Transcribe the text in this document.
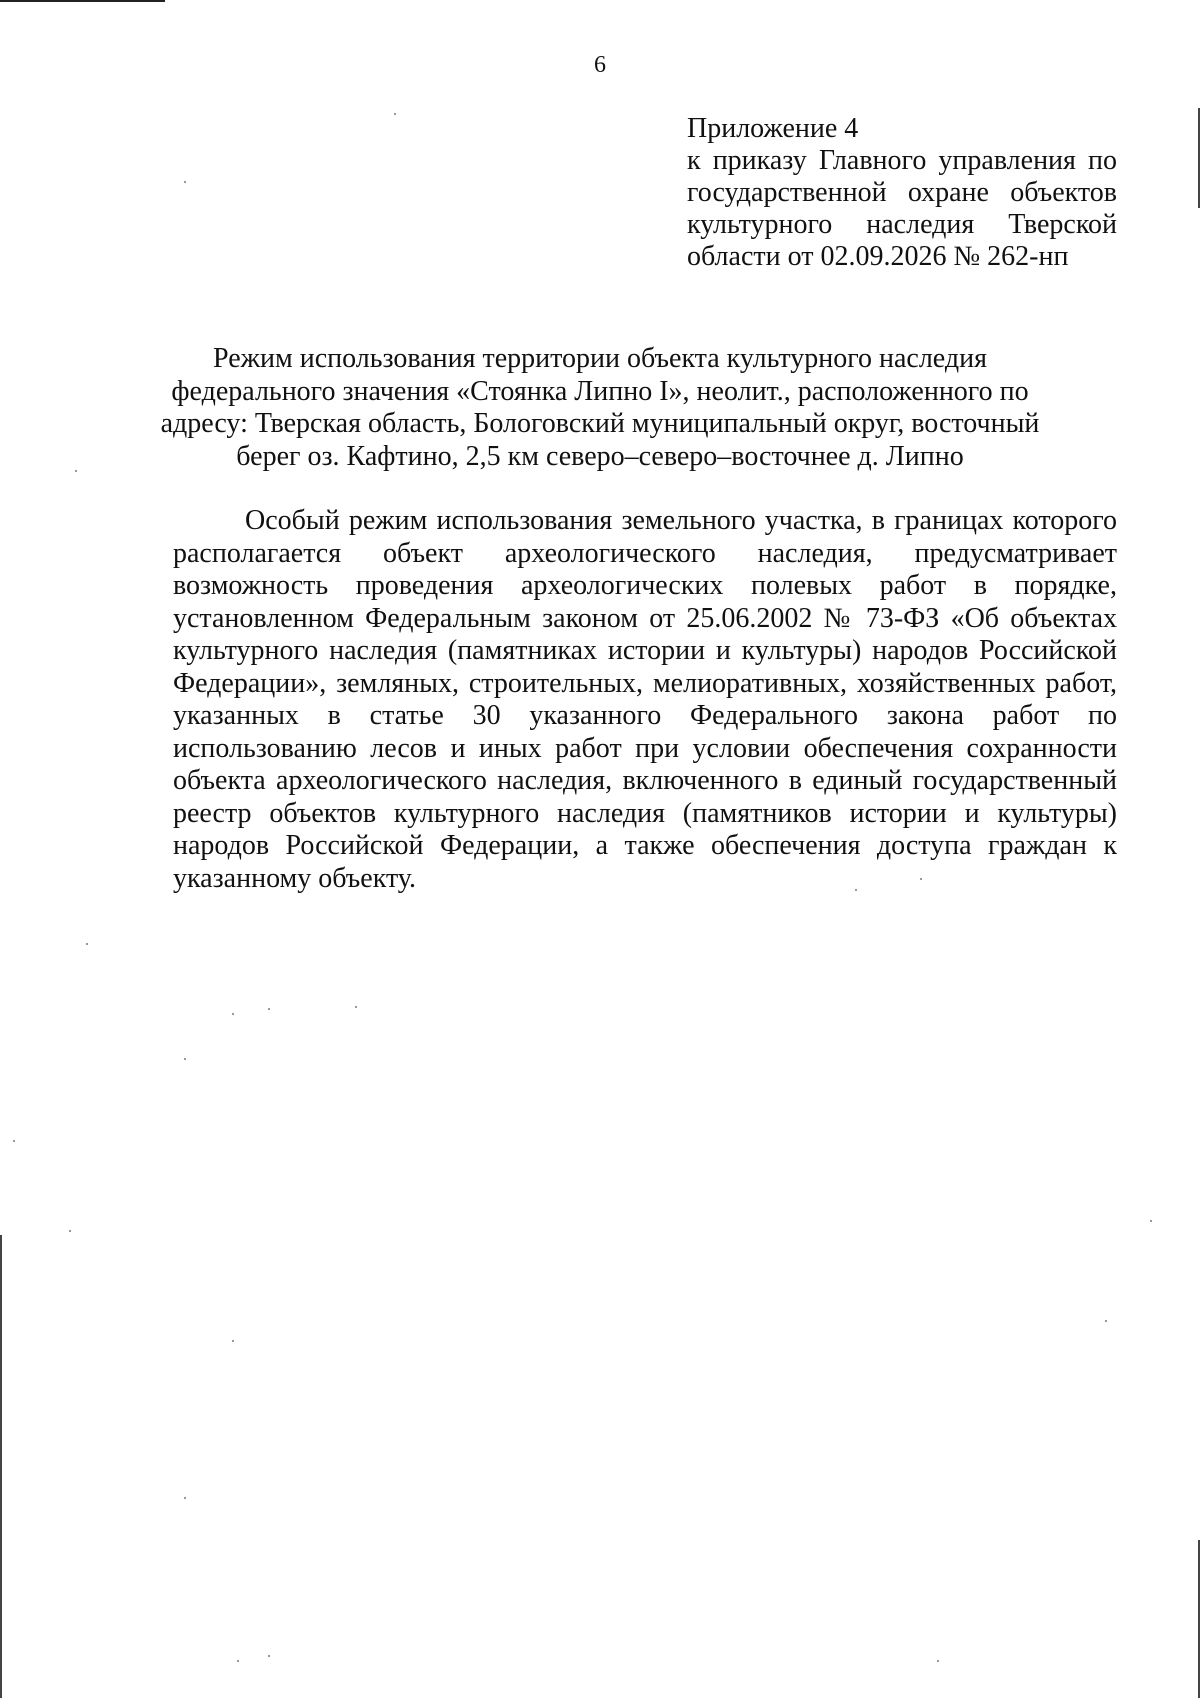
6
Приложение 4
к приказу Главного управления по
государственной охране объектов
культурного наследия Тверской
области от 02.09.2026 № 262-нп
Режим использования территории объекта культурного наследия
федерального значения «Стоянка Липно I», неолит., расположенного по
адресу: Тверская область, Бологовский муниципальный округ, восточный
берег оз. Кафтино, 2,5 км северо–северо–восточнее д. Липно
Особый режим использования земельного участка, в границах которого
располагается объект археологического наследия, предусматривает
возможность проведения археологических полевых работ в порядке,
установленном Федеральным законом от 25.06.2002 № 73-ФЗ «Об объектах
культурного наследия (памятниках истории и культуры) народов Российской
Федерации», земляных, строительных, мелиоративных, хозяйственных работ,
указанных в статье 30 указанного Федерального закона работ по
использованию лесов и иных работ при условии обеспечения сохранности
объекта археологического наследия, включенного в единый государственный
реестр объектов культурного наследия (памятников истории и культуры)
народов Российской Федерации, а также обеспечения доступа граждан к
указанному объекту.
